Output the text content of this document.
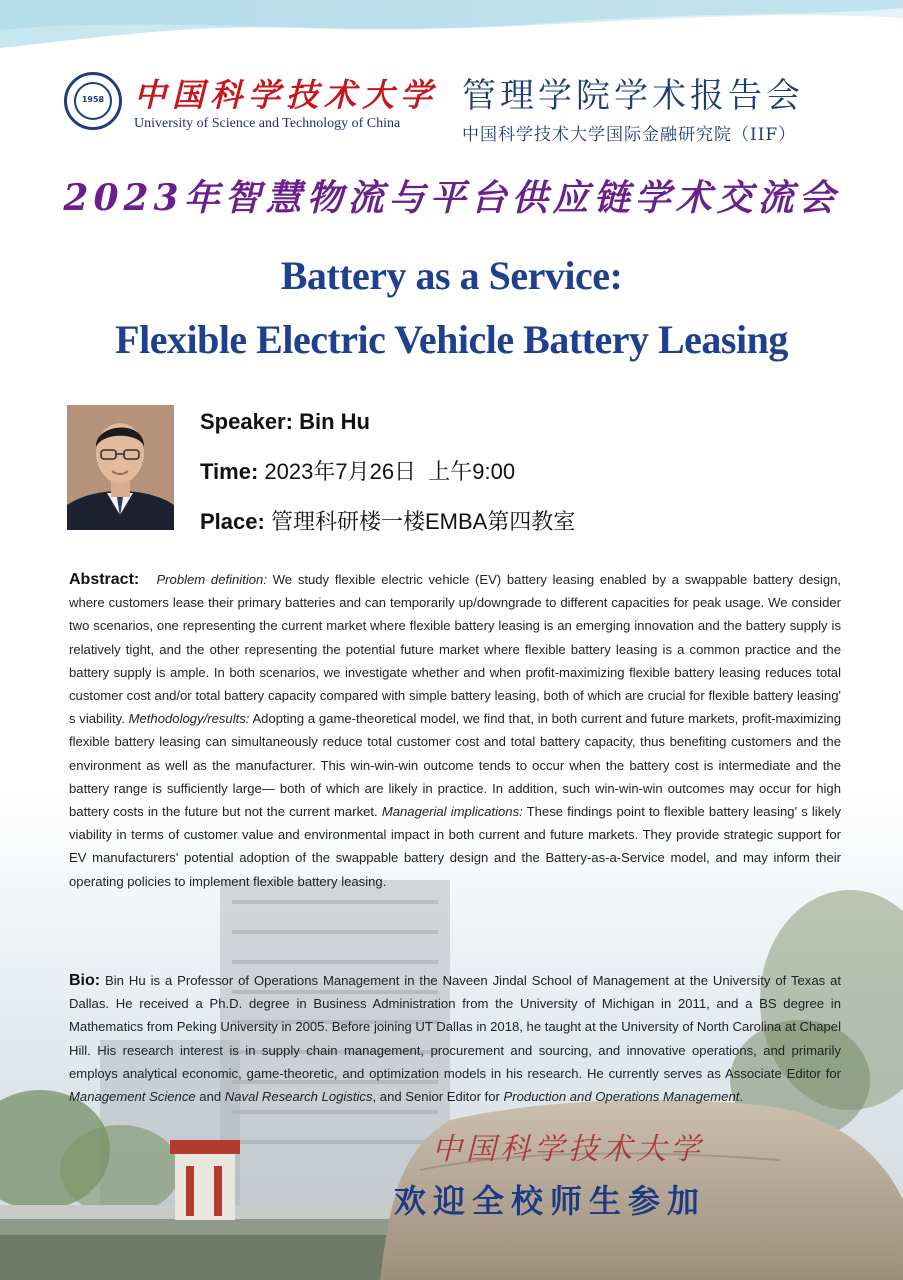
1958 中国科学技术大学
University of Science and Technology of China
管理学院学术报告会
中国科学技术大学国际金融研究院（IIF）
2023年智慧物流与平台供应链学术交流会
Battery as a Service:
Flexible Electric Vehicle Battery Leasing
Speaker: Bin Hu
Time: 2023年7月26日  上午9:00
Place: 管理科研楼一楼EMBA第四教室
Abstract: Problem definition: We study flexible electric vehicle (EV) battery leasing enabled by a swappable battery design, where customers lease their primary batteries and can temporarily up/downgrade to different capacities for peak usage. We consider two scenarios, one representing the current market where flexible battery leasing is an emerging innovation and the battery supply is relatively tight, and the other representing the potential future market where flexible battery leasing is a common practice and the battery supply is ample. In both scenarios, we investigate whether and when profit-maximizing flexible battery leasing reduces total customer cost and/or total battery capacity compared with simple battery leasing, both of which are crucial for flexible battery leasing' s viability. Methodology/results: Adopting a game-theoretical model, we find that, in both current and future markets, profit-maximizing flexible battery leasing can simultaneously reduce total customer cost and total battery capacity, thus benefiting customers and the environment as well as the manufacturer. This win-win-win outcome tends to occur when the battery cost is intermediate and the battery range is sufficiently large— both of which are likely in practice. In addition, such win-win-win outcomes may occur for high battery costs in the future but not the current market. Managerial implications: These findings point to flexible battery leasing' s likely viability in terms of customer value and environmental impact in both current and future markets. They provide strategic support for EV manufacturers' potential adoption of the swappable battery design and the Battery-as-a-Service model, and may inform their operating policies to implement flexible battery leasing.
Bio: Bin Hu is a Professor of Operations Management in the Naveen Jindal School of Management at the University of Texas at Dallas. He received a Ph.D. degree in Business Administration from the University of Michigan in 2011, and a BS degree in Mathematics from Peking University in 2005. Before joining UT Dallas in 2018, he taught at the University of North Carolina at Chapel Hill. His research interest is in supply chain management, procurement and sourcing, and innovative operations, and primarily employs analytical economic, game-theoretic, and optimization models in his research. He currently serves as Associate Editor for Management Science and Naval Research Logistics, and Senior Editor for Production and Operations Management.
中国科学技术大学
欢迎全校师生参加
